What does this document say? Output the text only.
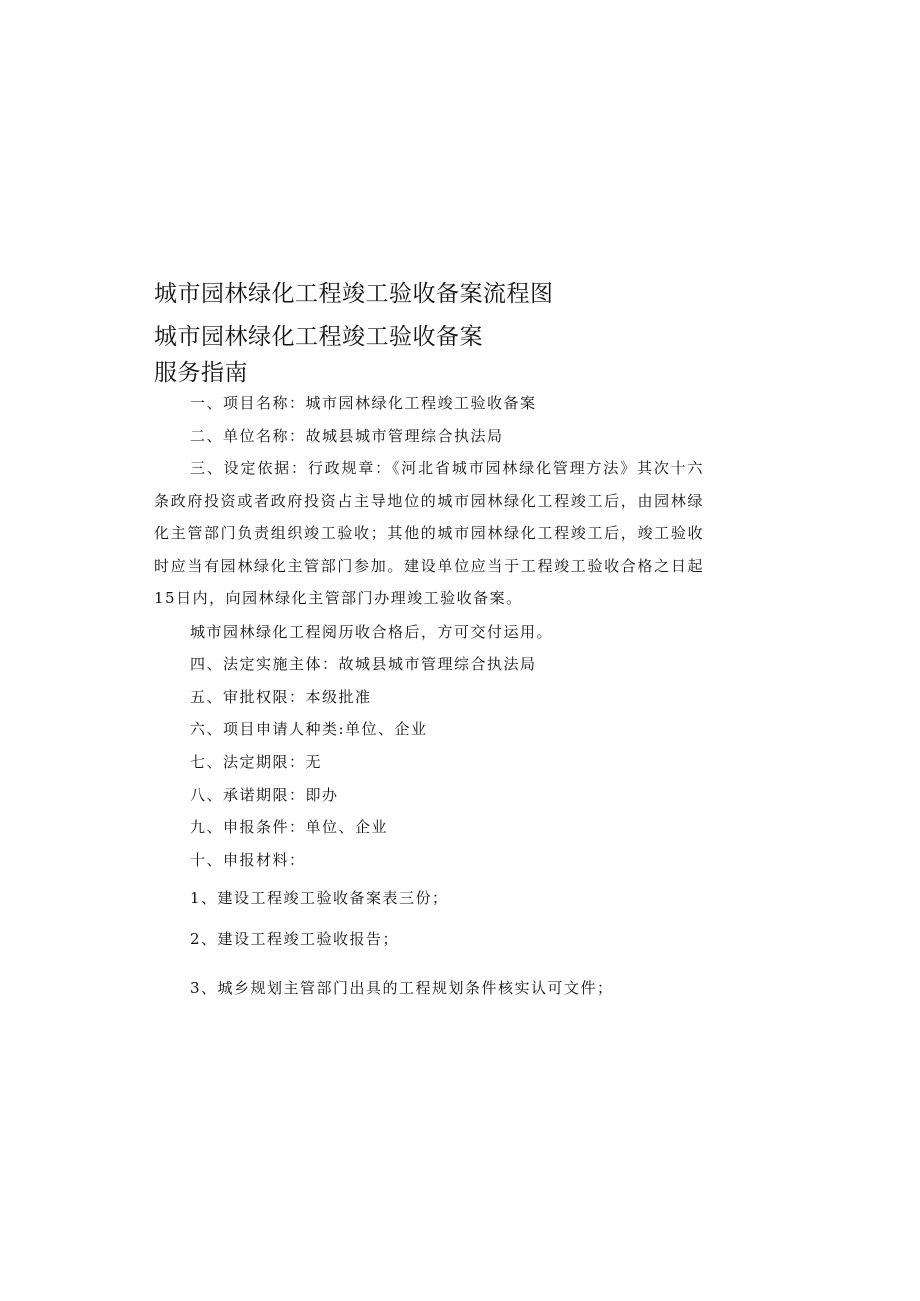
城市园林绿化工程竣工验收备案流程图
城市园林绿化工程竣工验收备案
服务指南
一、项目名称：城市园林绿化工程竣工验收备案
二、单位名称：故城县城市管理综合执法局
三、设定依据：行政规章：《河北省城市园林绿化管理方法》其次十六条政府投资或者政府投资占主导地位的城市园林绿化工程竣工后，由园林绿化主管部门负责组织竣工验收；其他的城市园林绿化工程竣工后，竣工验收时应当有园林绿化主管部门参加。建设单位应当于工程竣工验收合格之日起15日内，向园林绿化主管部门办理竣工验收备案。
城市园林绿化工程阅历收合格后，方可交付运用。
四、法定实施主体：故城县城市管理综合执法局
五、审批权限：本级批准
六、项目申请人种类:单位、企业
七、法定期限：无
八、承诺期限：即办
九、申报条件：单位、企业
十、申报材料：
1、建设工程竣工验收备案表三份；
2、建设工程竣工验收报告；
3、城乡规划主管部门出具的工程规划条件核实认可文件；
